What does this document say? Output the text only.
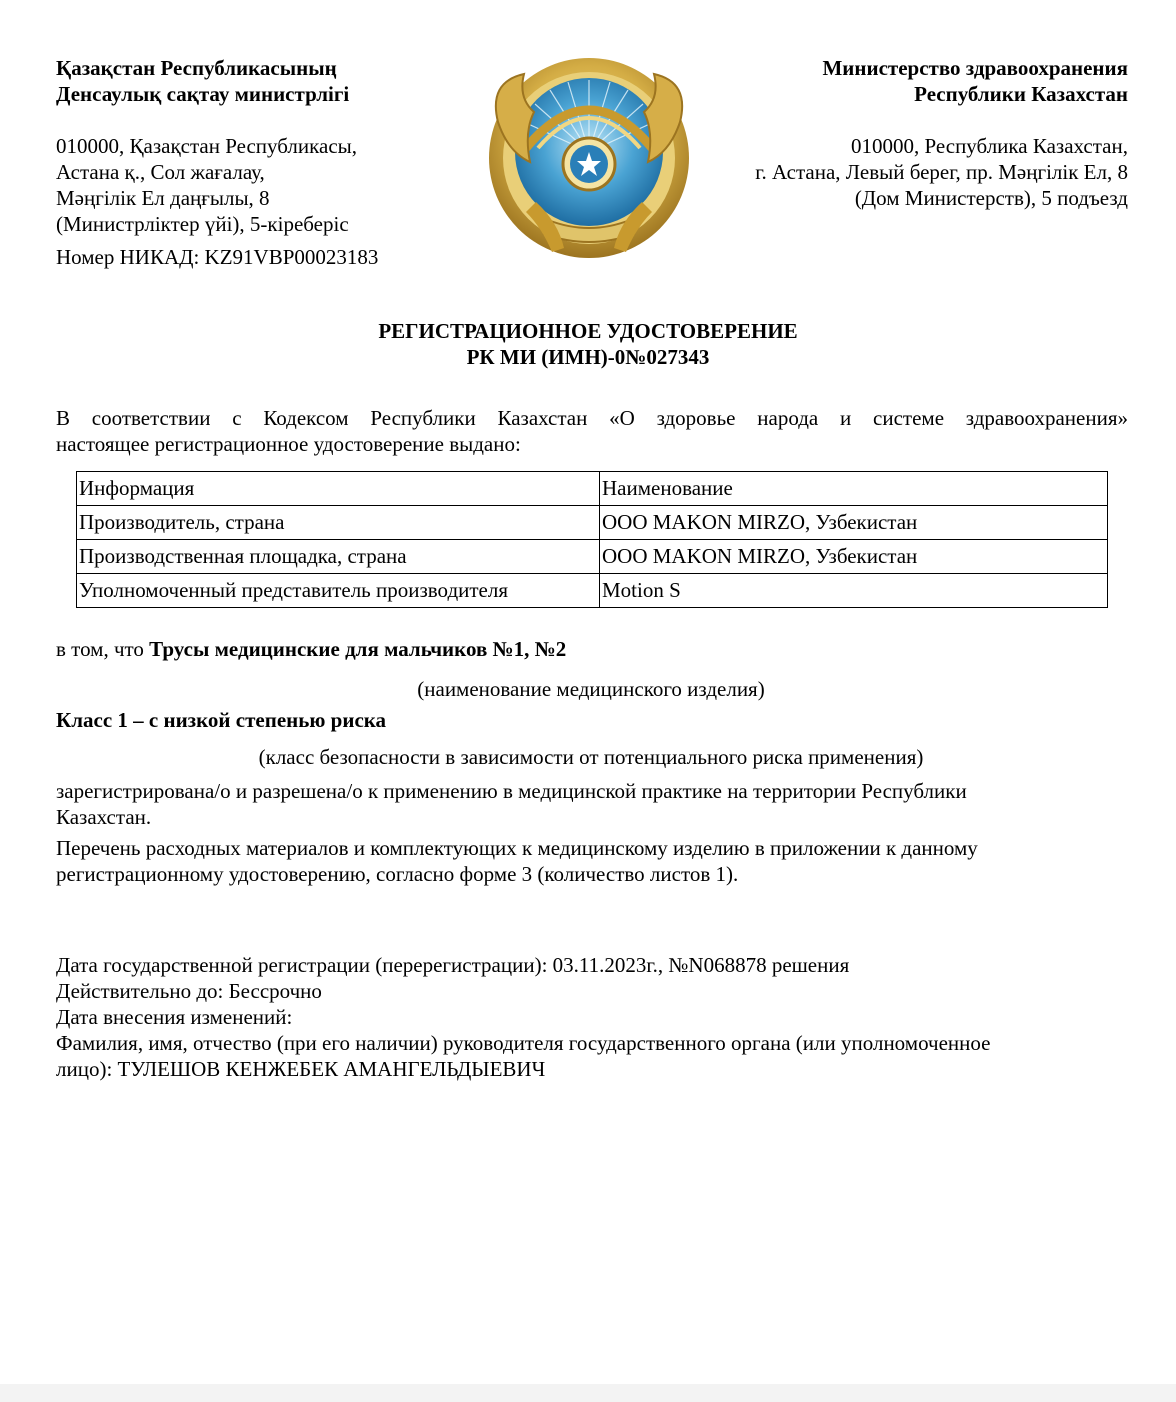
Қазақстан Республикасының
Денсаулық сақтау министрлігі
010000, Қазақстан Республикасы,
Астана қ., Сол жағалау,
Мәңгілік Ел даңғылы, 8
(Министрліктер үйі), 5-кіреберіс
Номер НИКАД: KZ91VBP00023183
Министерство здравоохранения
Республики Казахстан
010000, Республика Казахстан,
г. Астана, Левый берег, пр. Мәңгілік Ел, 8
(Дом Министерств), 5 подъезд
РЕГИСТРАЦИОННОЕ УДОСТОВЕРЕНИЕ
РК МИ (ИМН)-0№027343
В соответствии с Кодексом Республики Казахстан «О здоровье народа и системе здравоохранения»
настоящее регистрационное удостоверение выдано:
Информация	Наименование
Производитель, страна	ООО MAKON MIRZO, Узбекистан
Производственная площадка, страна	ООО MAKON MIRZO, Узбекистан
Уполномоченный представитель производителя	Motion S
в том, что Трусы медицинские для мальчиков №1, №2
(наименование медицинского изделия)
Класс 1 – с низкой степенью риска
(класс безопасности в зависимости от потенциального риска применения)
зарегистрирована/о и разрешена/о к применению в медицинской практике на территории Республики
Казахстан.
Перечень расходных материалов и комплектующих к медицинскому изделию в приложении к данному
регистрационному удостоверению, согласно форме 3 (количество листов 1).
Дата государственной регистрации (перерегистрации): 03.11.2023г., №N068878 решения
Действительно до: Бессрочно
Дата внесения изменений:
Фамилия, имя, отчество (при его наличии) руководителя государственного органа (или уполномоченное
лицо): ТУЛЕШОВ КЕНЖЕБЕК АМАНГЕЛЬДЫЕВИЧ
